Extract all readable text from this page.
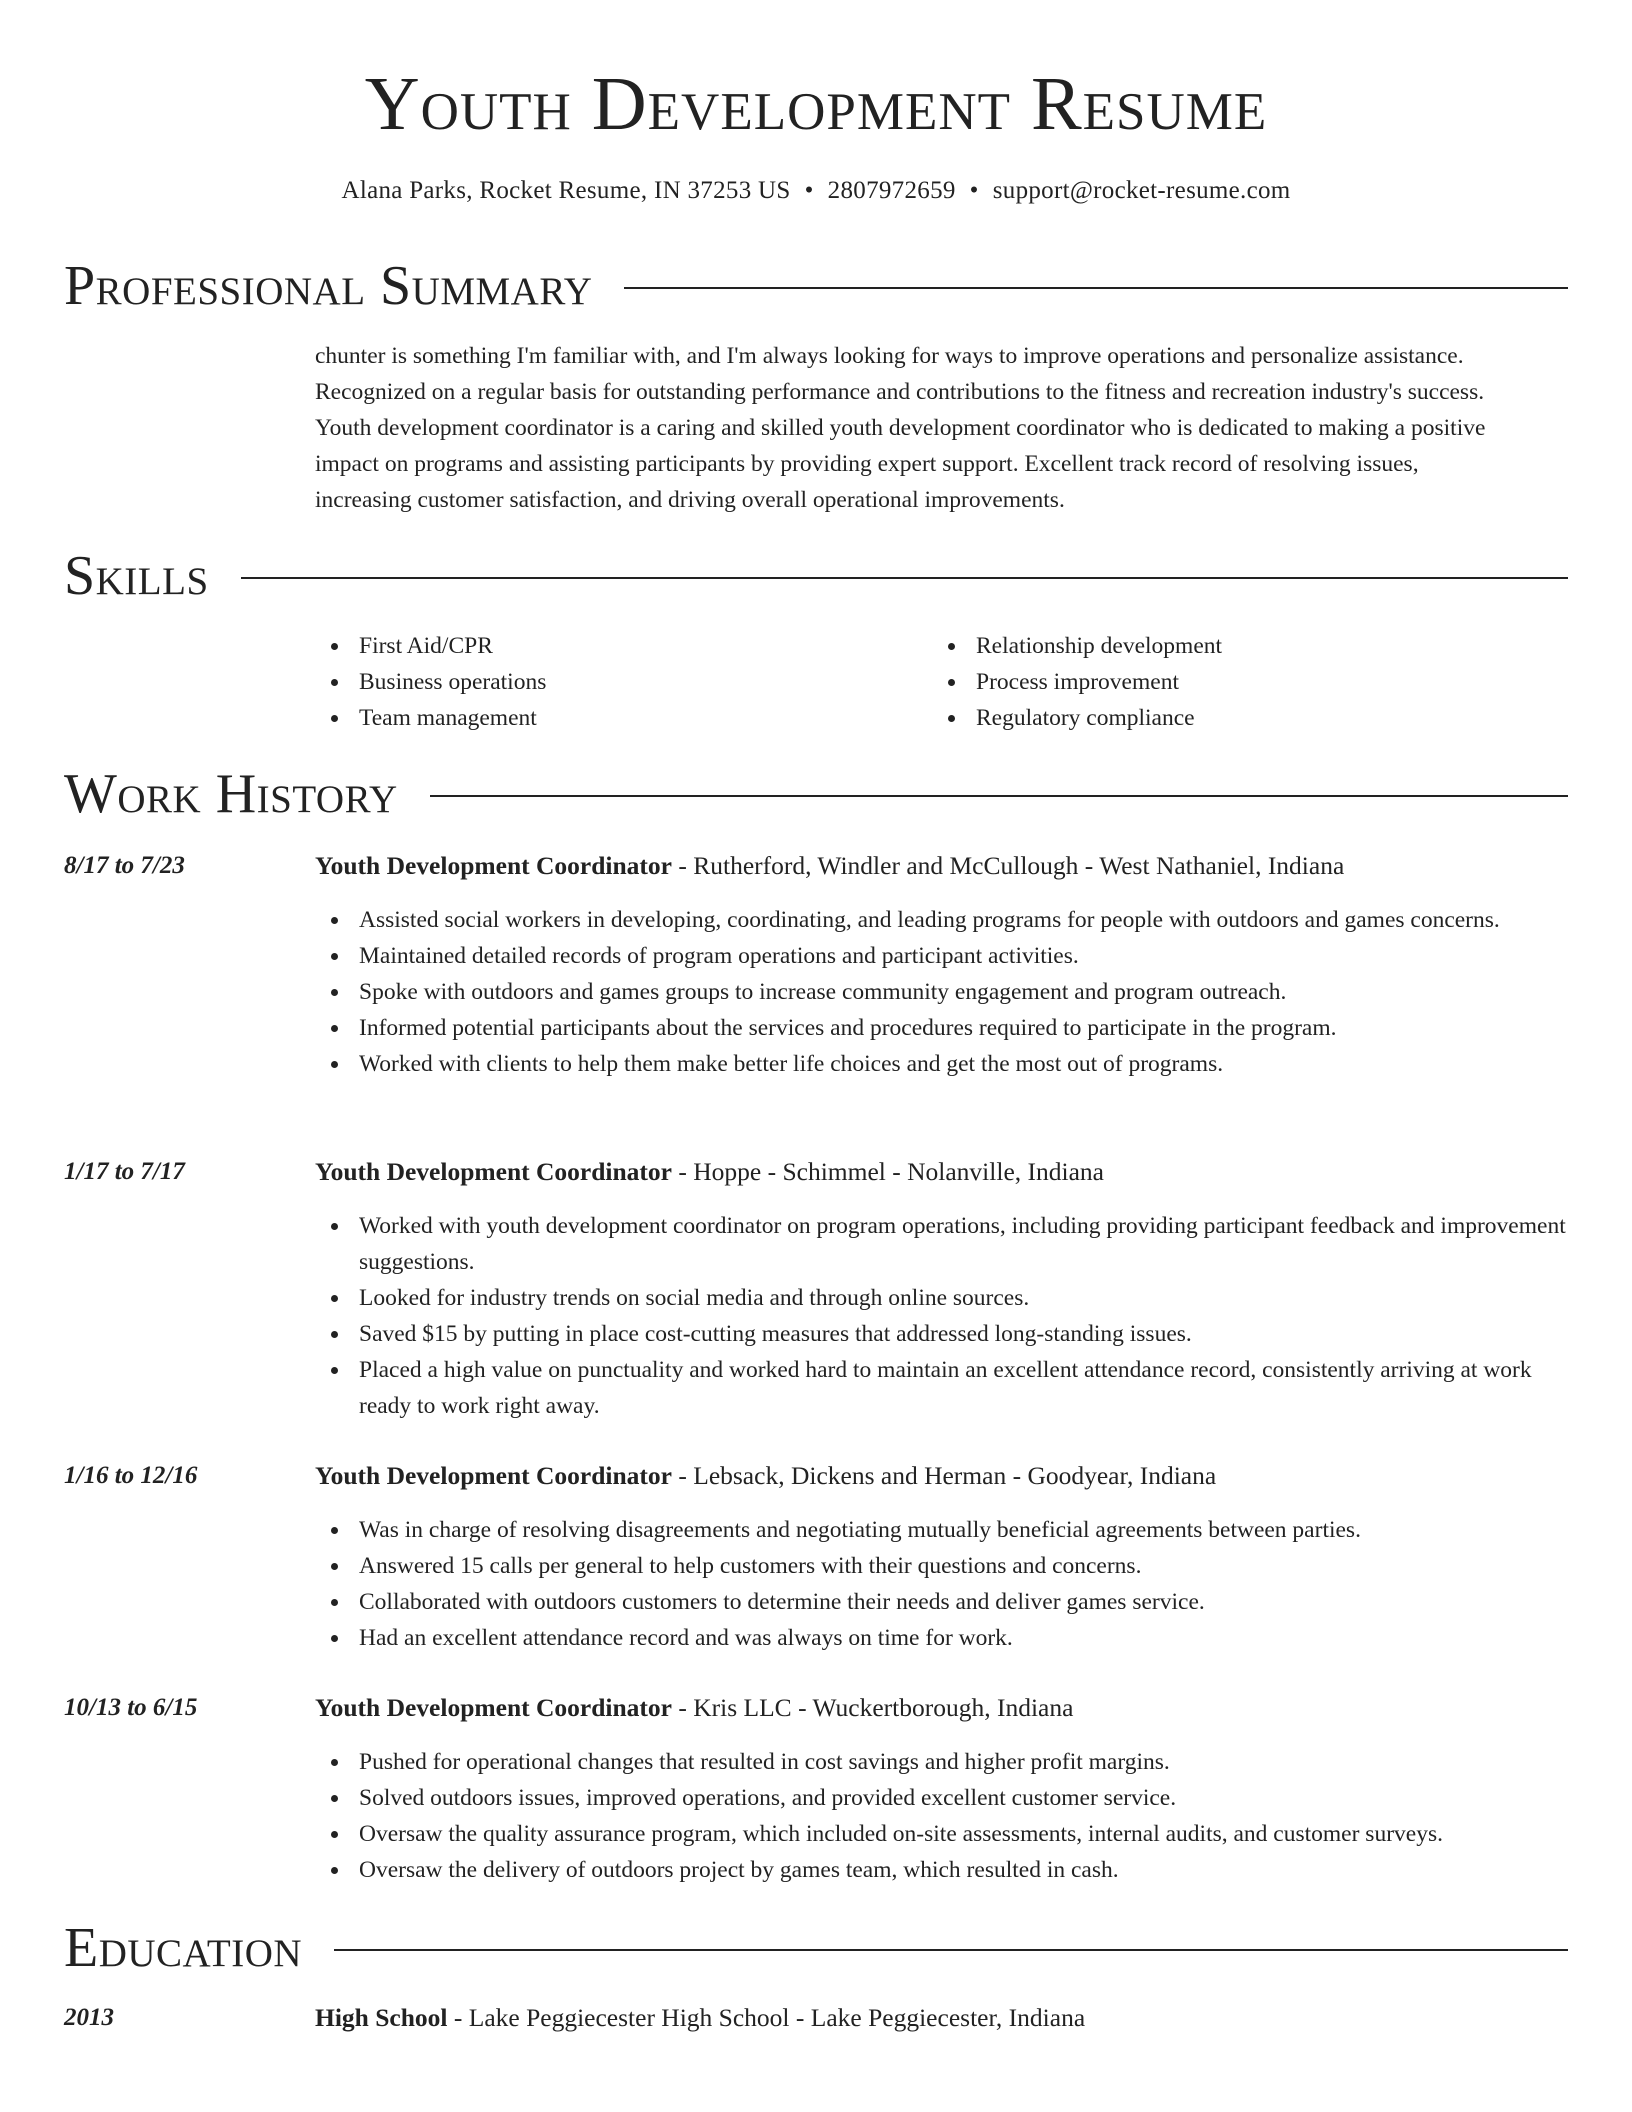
Youth Development Resume
Alana Parks, Rocket Resume, IN 37253 US • 2807972659 • support@rocket-resume.com
Professional Summary
chunter is something I'm familiar with, and I'm always looking for ways to improve operations and personalize assistance.
Recognized on a regular basis for outstanding performance and contributions to the fitness and recreation industry's success.
Youth development coordinator is a caring and skilled youth development coordinator who is dedicated to making a positive
impact on programs and assisting participants by providing expert support. Excellent track record of resolving issues,
increasing customer satisfaction, and driving overall operational improvements.
Skills
First Aid/CPR
Business operations
Team management
Relationship development
Process improvement
Regulatory compliance
Work History
8/17 to 7/23	Youth Development Coordinator - Rutherford, Windler and McCullough - West Nathaniel, Indiana
Assisted social workers in developing, coordinating, and leading programs for people with outdoors and games concerns.
Maintained detailed records of program operations and participant activities.
Spoke with outdoors and games groups to increase community engagement and program outreach.
Informed potential participants about the services and procedures required to participate in the program.
Worked with clients to help them make better life choices and get the most out of programs.
1/17 to 7/17	Youth Development Coordinator - Hoppe - Schimmel - Nolanville, Indiana
Worked with youth development coordinator on program operations, including providing participant feedback and improvement suggestions.
Looked for industry trends on social media and through online sources.
Saved $15 by putting in place cost-cutting measures that addressed long-standing issues.
Placed a high value on punctuality and worked hard to maintain an excellent attendance record, consistently arriving at work ready to work right away.
1/16 to 12/16	Youth Development Coordinator - Lebsack, Dickens and Herman - Goodyear, Indiana
Was in charge of resolving disagreements and negotiating mutually beneficial agreements between parties.
Answered 15 calls per general to help customers with their questions and concerns.
Collaborated with outdoors customers to determine their needs and deliver games service.
Had an excellent attendance record and was always on time for work.
10/13 to 6/15	Youth Development Coordinator - Kris LLC - Wuckertborough, Indiana
Pushed for operational changes that resulted in cost savings and higher profit margins.
Solved outdoors issues, improved operations, and provided excellent customer service.
Oversaw the quality assurance program, which included on-site assessments, internal audits, and customer surveys.
Oversaw the delivery of outdoors project by games team, which resulted in cash.
Education
2013	High School - Lake Peggiecester High School - Lake Peggiecester, Indiana
